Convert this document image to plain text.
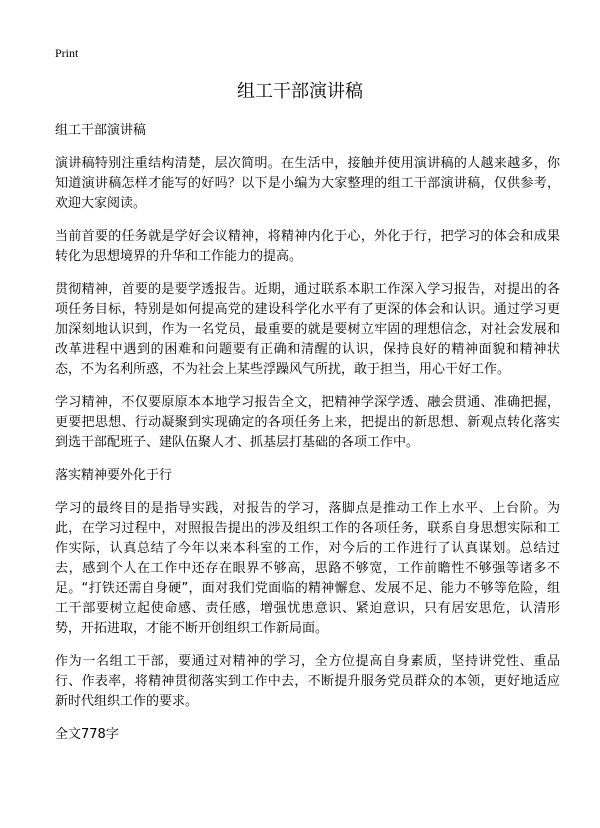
Print
组工干部演讲稿

组工干部演讲稿

演讲稿特别注重结构清楚，层次简明。在生活中，接触并使用演讲稿的人越来越多，你知道演讲稿怎样才能写的好吗？以下是小编为大家整理的组工干部演讲稿，仅供参考，欢迎大家阅读。

当前首要的任务就是学好会议精神，将精神内化于心，外化于行，把学习的体会和成果转化为思想境界的升华和工作能力的提高。

贯彻精神，首要的是要学透报告。近期，通过联系本职工作深入学习报告，对提出的各项任务目标，特别是如何提高党的建设科学化水平有了更深的体会和认识。通过学习更加深刻地认识到，作为一名党员，最重要的就是要树立牢固的理想信念，对社会发展和改革进程中遇到的困难和问题要有正确和清醒的认识，保持良好的精神面貌和精神状态，不为名利所惑，不为社会上某些浮躁风气所扰，敢于担当，用心干好工作。

学习精神，不仅要原原本本地学习报告全文，把精神学深学透、融会贯通、准确把握，更要把思想、行动凝聚到实现确定的各项任务上来，把提出的新思想、新观点转化落实到选干部配班子、建队伍聚人才、抓基层打基础的各项工作中。

落实精神要外化于行

学习的最终目的是指导实践，对报告的学习，落脚点是推动工作上水平、上台阶。为此，在学习过程中，对照报告提出的涉及组织工作的各项任务，联系自身思想实际和工作实际，认真总结了今年以来本科室的工作，对今后的工作进行了认真谋划。总结过去，感到个人在工作中还存在眼界不够高，思路不够宽，工作前瞻性不够强等诸多不足。“打铁还需自身硬”，面对我们党面临的精神懈怠、发展不足、能力不够等危险，组工干部要树立起使命感、责任感，增强忧患意识、紧迫意识，只有居安思危，认清形势，开拓进取，才能不断开创组织工作新局面。

作为一名组工干部，要通过对精神的学习，全方位提高自身素质，坚持讲党性、重品行、作表率，将精神贯彻落实到工作中去，不断提升服务党员群众的本领，更好地适应新时代组织工作的要求。

全文778字
